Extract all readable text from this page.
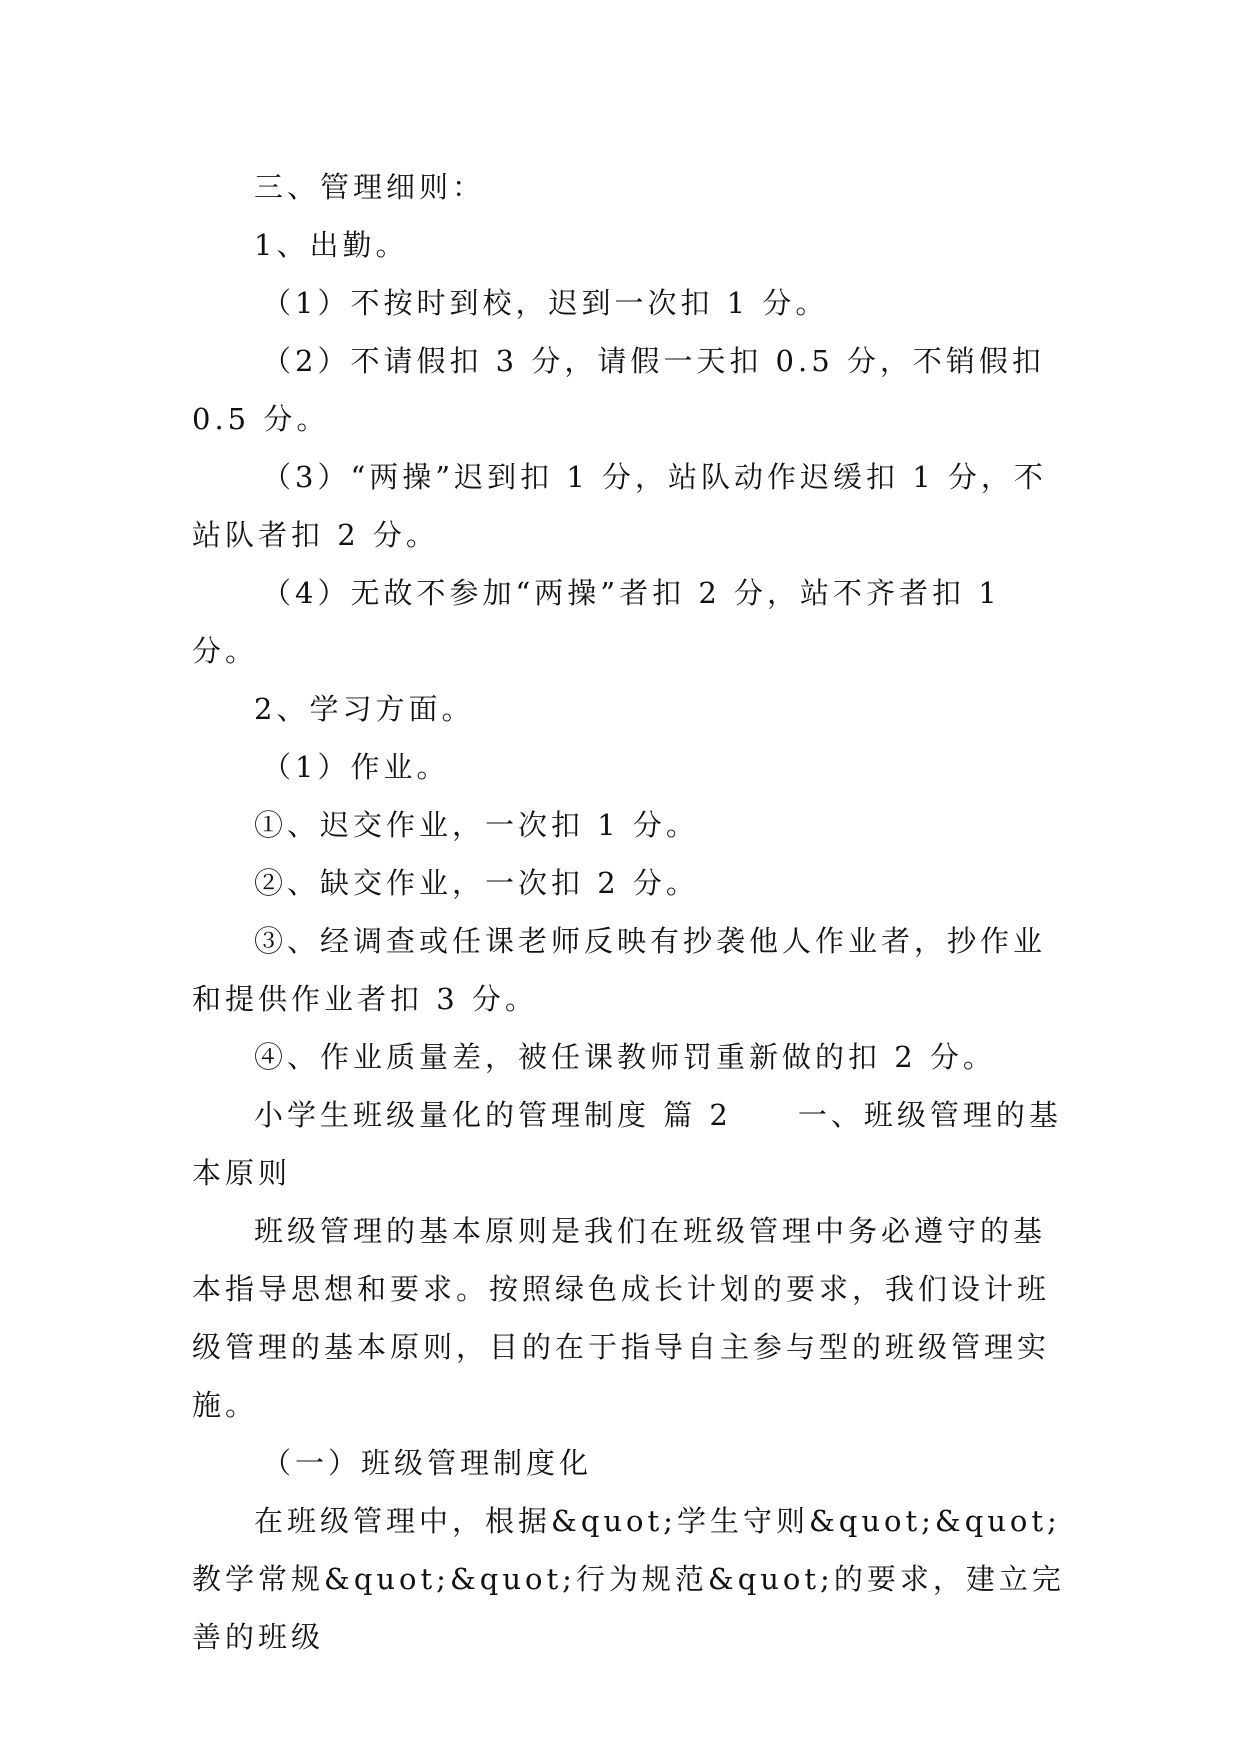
三、管理细则：

1、出勤。

（1）不按时到校，迟到一次扣 1 分。

（2）不请假扣 3 分，请假一天扣 0.5 分，不销假扣 0.5 分。

（3）“两操”迟到扣 1 分，站队动作迟缓扣 1 分，不站队者扣 2 分。

（4）无故不参加“两操”者扣 2 分，站不齐者扣 1 分。

2、学习方面。

（1）作业。

①、迟交作业，一次扣 1 分。

②、缺交作业，一次扣 2 分。

③、经调查或任课老师反映有抄袭他人作业者，抄作业和提供作业者扣 3 分。

④、作业质量差，被任课教师罚重新做的扣 2 分。

小学生班级量化的管理制度 篇 2　　一、班级管理的基本原则

班级管理的基本原则是我们在班级管理中务必遵守的基本指导思想和要求。按照绿色成长计划的要求，我们设计班级管理的基本原则，目的在于指导自主参与型的班级管理实施。

（一）班级管理制度化

在班级管理中，根据&quot;学生守则&quot;&quot;教学常规&quot;&quot;行为规范&quot;的要求，建立完善的班级
